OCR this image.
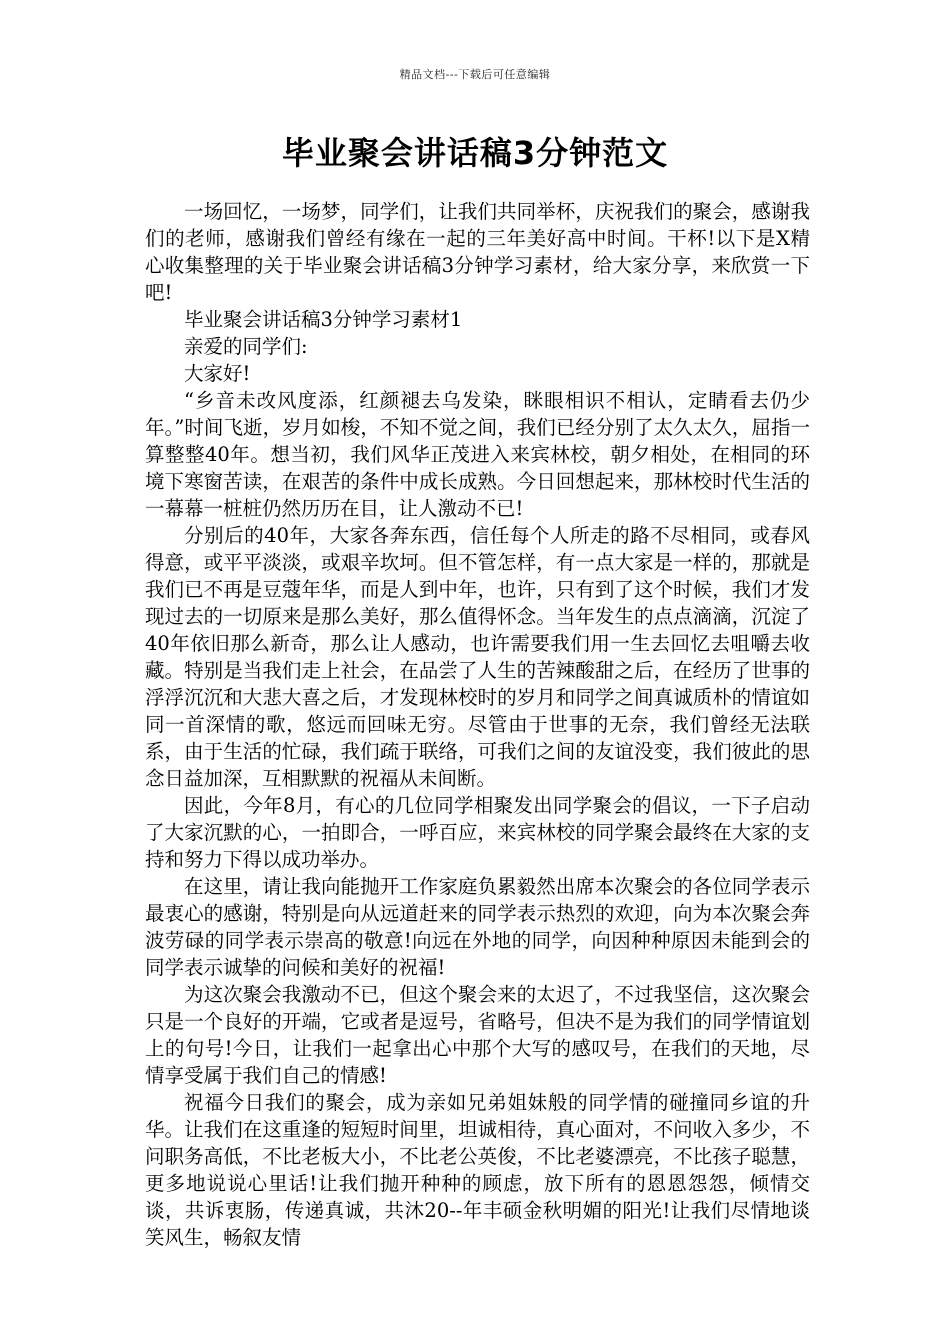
精品文档---下载后可任意编辑
毕业聚会讲话稿3分钟范文

一场回忆，一场梦，同学们，让我们共同举杯，庆祝我们的聚会，感谢我们的老师，感谢我们曾经有缘在一起的三年美好高中时间。干杯!以下是X精心收集整理的关于毕业聚会讲话稿3分钟学习素材，给大家分享，来欣赏一下吧!

毕业聚会讲话稿3分钟学习素材1

亲爱的同学们:

大家好!

“乡音未改风度添，红颜褪去乌发染，眯眼相识不相认，定睛看去仍少年。”时间飞逝，岁月如梭，不知不觉之间，我们已经分别了太久太久，屈指一算整整40年。想当初，我们风华正茂进入来宾林校，朝夕相处，在相同的环境下寒窗苦读，在艰苦的条件中成长成熟。今日回想起来，那林校时代生活的一幕幕一桩桩仍然历历在目，让人激动不已!

分别后的40年，大家各奔东西，信任每个人所走的路不尽相同，或春风得意，或平平淡淡，或艰辛坎坷。但不管怎样，有一点大家是一样的，那就是我们已不再是豆蔻年华，而是人到中年，也许，只有到了这个时候，我们才发现过去的一切原来是那么美好，那么值得怀念。当年发生的点点滴滴，沉淀了40年依旧那么新奇，那么让人感动，也许需要我们用一生去回忆去咀嚼去收藏。特别是当我们走上社会，在品尝了人生的苦辣酸甜之后，在经历了世事的浮浮沉沉和大悲大喜之后，才发现林校时的岁月和同学之间真诚质朴的情谊如同一首深情的歌，悠远而回味无穷。尽管由于世事的无奈，我们曾经无法联系，由于生活的忙碌，我们疏于联络，可我们之间的友谊没变，我们彼此的思念日益加深，互相默默的祝福从未间断。

因此，今年8月，有心的几位同学相聚发出同学聚会的倡议，一下子启动了大家沉默的心，一拍即合，一呼百应，来宾林校的同学聚会最终在大家的支持和努力下得以成功举办。

在这里，请让我向能抛开工作家庭负累毅然出席本次聚会的各位同学表示最衷心的感谢，特别是向从远道赶来的同学表示热烈的欢迎，向为本次聚会奔波劳碌的同学表示崇高的敬意!向远在外地的同学，向因种种原因未能到会的同学表示诚挚的问候和美好的祝福!

为这次聚会我激动不已，但这个聚会来的太迟了，不过我坚信，这次聚会只是一个良好的开端，它或者是逗号，省略号，但决不是为我们的同学情谊划上的句号!今日，让我们一起拿出心中那个大写的感叹号，在我们的天地，尽情享受属于我们自己的情感!

祝福今日我们的聚会，成为亲如兄弟姐妹般的同学情的碰撞同乡谊的升华。让我们在这重逢的短短时间里，坦诚相待，真心面对，不问收入多少，不问职务高低，不比老板大小，不比老公英俊，不比老婆漂亮，不比孩子聪慧，更多地说说心里话!让我们抛开种种的顾虑，放下所有的恩恩怨怨，倾情交谈，共诉衷肠，传递真诚，共沐20--年丰硕金秋明媚的阳光!让我们尽情地谈笑风生，畅叙友情
